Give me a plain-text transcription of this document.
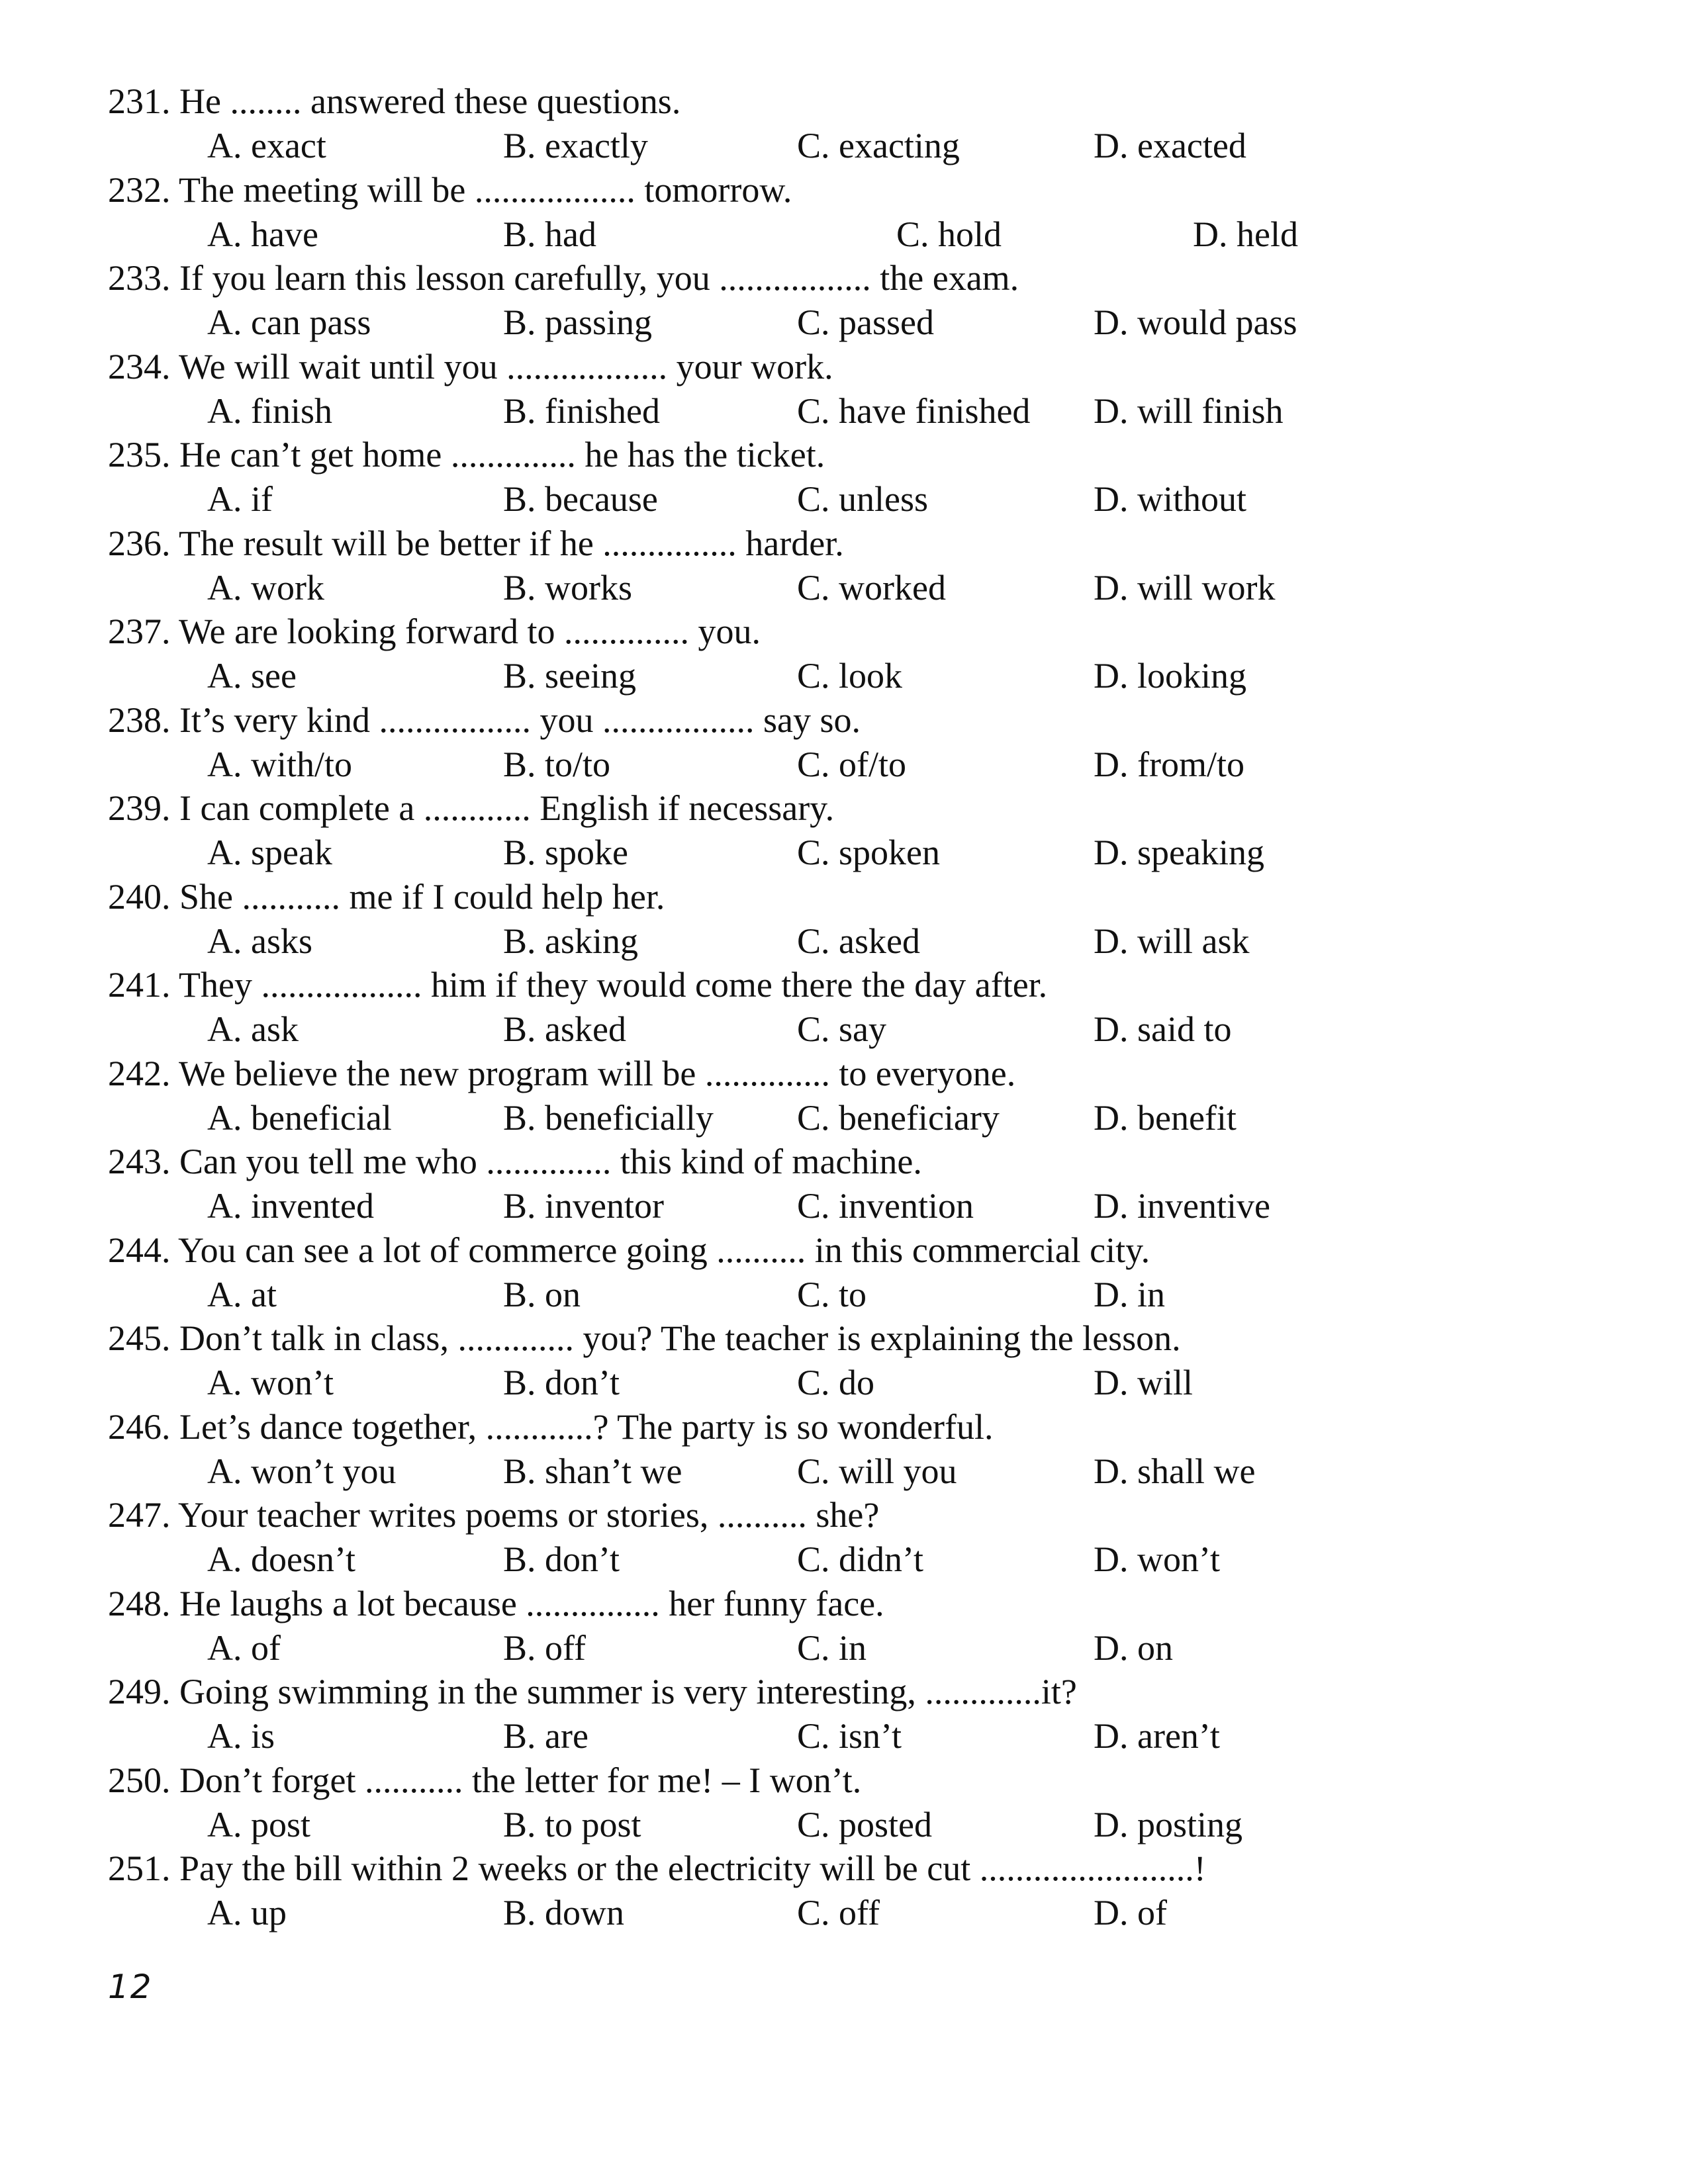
231. He ........ answered these questions.

A. exact	B. exactly	C. exacting	D. exacted

232. The meeting will be .................. tomorrow.

A. have	B. had	C. hold	D. held

233. If you learn this lesson carefully, you ................. the exam.

A. can pass	B. passing	C. passed	D. would pass

234. We will wait until you .................. your work.

A. finish	B. finished	C. have finished D. will finish

235. He can’t get home .............. he has the ticket.

A. if	B. because	C. unless	D. without

236. The result will be better if he ............... harder.

A. work	B. works	C. worked	D. will work

237. We are looking forward to .............. you.

A. see	B. seeing	C. look	D. looking

238. It’s very kind ................. you ................. say so.

A. with/to	B. to/to	C. of/to	D. from/to

239. I can complete a ............ English if necessary.

A. speak	B. spoke	C. spoken	D. speaking

240. She ........... me if I could help her.

A. asks	B. asking	C. asked	D. will ask

241. They .................. him if they would come there the day after.

A. ask	B. asked	C. say	D. said to

242. We believe the new program will be .............. to everyone.

A. beneficial	B. beneficially C. beneficiary	D. benefit

243. Can you tell me who .............. this kind of machine.

A. invented	B. inventor	C. invention	D. inventive

244. You can see a lot of commerce going .......... in this commercial city.

A. at	B. on	C. to	D. in

245. Don’t talk in class, ............. you? The teacher is explaining the lesson.

A. won’t	B. don’t	C. do	D. will

246. Let’s dance together, ............? The party is so wonderful.

A. won’t you	B. shan’t we	C. will you	D. shall we

247. Your teacher writes poems or stories, .......... she?

A. doesn’t	B. don’t	C. didn’t	D. won’t

248. He laughs a lot because ............... her funny face.

A. of	B. off	C. in	D. on

249. Going swimming in the summer is very interesting, .............it?

A. is	B. are	C. isn’t	D. aren’t

250. Don’t forget ........... the letter for me! – I won’t.

A. post	B. to post	C. posted	D. posting

251. Pay the bill within 2 weeks or the electricity will be cut ........................!

A. up	B. down	C. off	D. of

12
